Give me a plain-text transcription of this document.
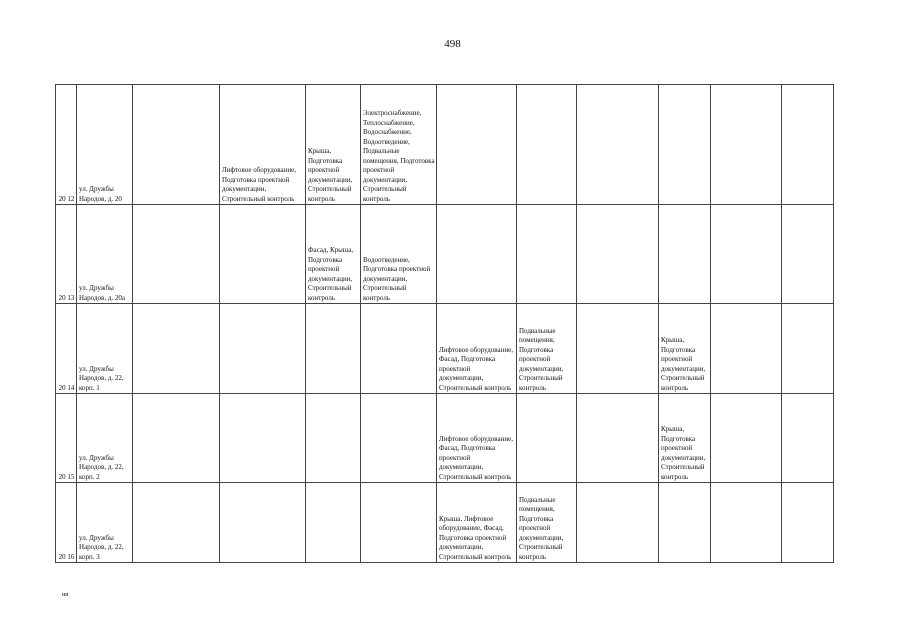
498
20 12	ул. Дружбы Народов, д. 20		Лифтовое оборудование, Подготовка проектной документации, Строительный контроль	Крыша, Подготовка проектной документации, Строительный контроль	Электроснабжение, Теплоснабжение, Водоснабжение, Водоотведение, Подвальные помещения, Подготовка проектной документации, Строительный контроль						
20 13	ул. Дружбы Народов, д. 20а			Фасад, Крыша, Подготовка проектной документации, Строительный контроль	Водоотведение, Подготовка проектной документации, Строительный контроль						
20 14	ул. Дружбы Народов, д. 22, корп. 1					Лифтовое оборудование, Фасад, Подготовка проектной документации, Строительный контроль	Подвальные помещения, Подготовка проектной документации, Строительный контроль		Крыша, Подготовка проектной документации, Строительный контроль		
20 15	ул. Дружбы Народов, д. 22, корп. 2					Лифтовое оборудование, Фасад, Подготовка проектной документации, Строительный контроль			Крыша, Подготовка проектной документации, Строительный контроль		
20 16	ул. Дружбы Народов, д. 22, корп. 3					Крыша, Лифтовое оборудование, Фасад, Подготовка проектной документации, Строительный контроль	Подвальные помещения, Подготовка проектной документации, Строительный контроль				
ии
